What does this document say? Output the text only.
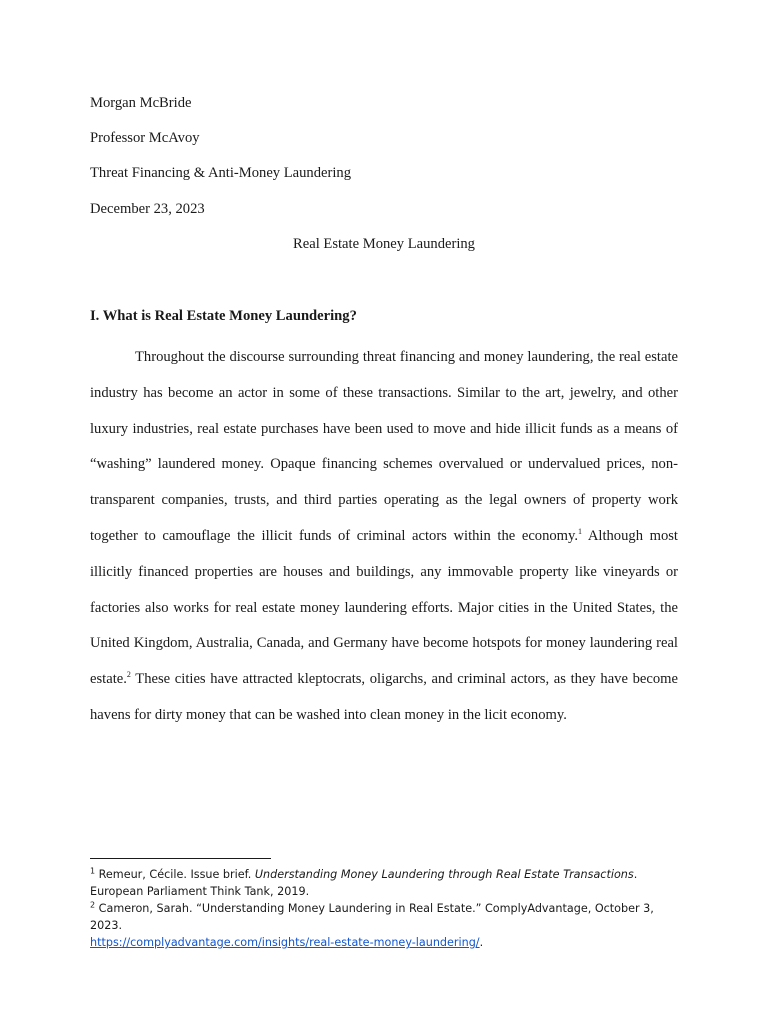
Morgan McBride
Professor McAvoy
Threat Financing & Anti-Money Laundering
December 23, 2023
Real Estate Money Laundering
I. What is Real Estate Money Laundering?

Throughout the discourse surrounding threat financing and money laundering, the real estate industry has become an actor in some of these transactions. Similar to the art, jewelry, and other luxury industries, real estate purchases have been used to move and hide illicit funds as a means of “washing” laundered money. Opaque financing schemes overvalued or undervalued prices, non-transparent companies, trusts, and third parties operating as the legal owners of property work together to camouflage the illicit funds of criminal actors within the economy.$^1$ Although most illicitly financed properties are houses and buildings, any immovable property like vineyards or factories also works for real estate money laundering efforts. Major cities in the United States, the United Kingdom, Australia, Canada, and Germany have become hotspots for money laundering real estate.$^2$ These cities have attracted kleptocrats, oligarchs, and criminal actors, as they have become havens for dirty money that can be washed into clean money in the licit economy.

$^1$ Remeur, Cécile. Issue brief. Understanding Money Laundering through Real Estate Transactions. European Parliament Think Tank, 2019.

$^2$ Cameron, Sarah. “Understanding Money Laundering in Real Estate.” ComplyAdvantage, October 3, 2023.
https://complyadvantage.com/insights/real-estate-money-laundering/.
